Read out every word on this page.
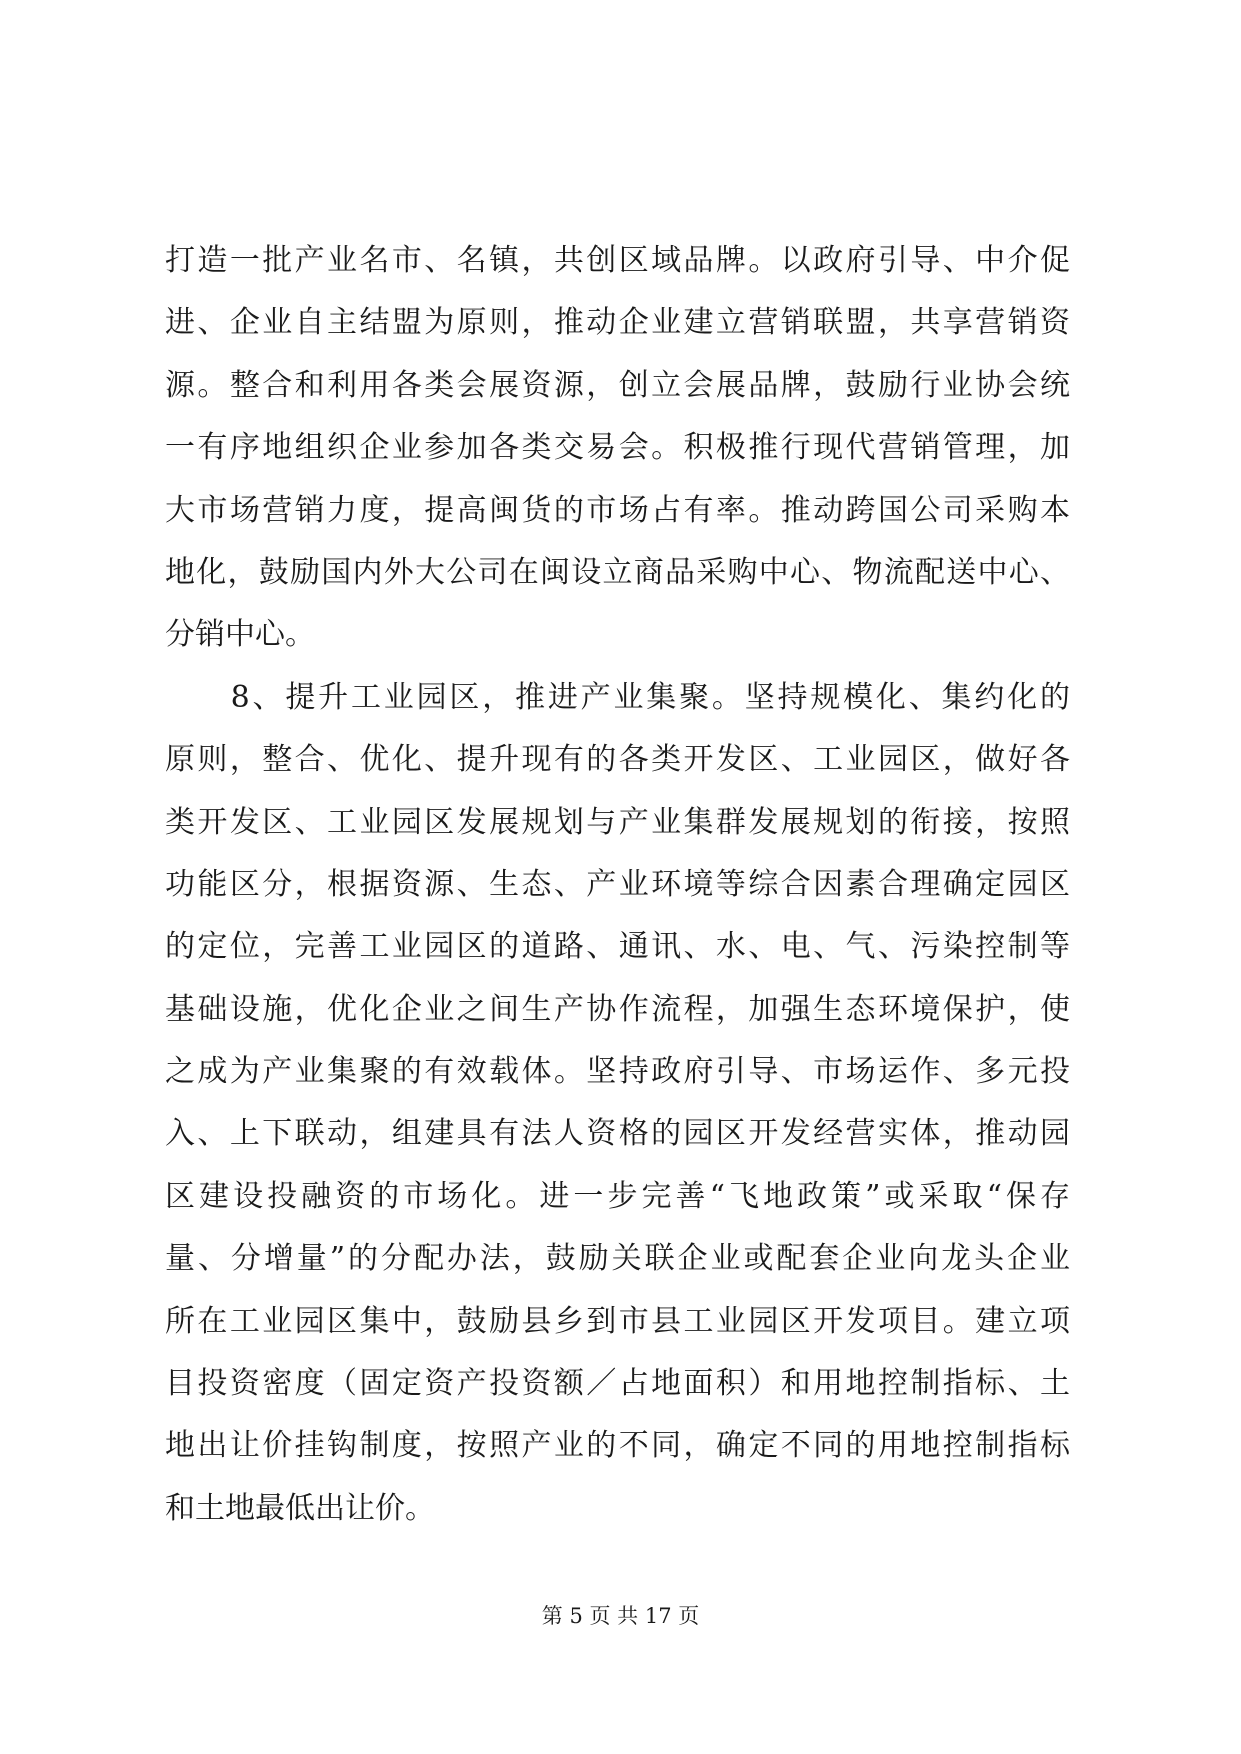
打造一批产业名市、名镇，共创区域品牌。以政府引导、中介促
进、企业自主结盟为原则，推动企业建立营销联盟，共享营销资
源。整合和利用各类会展资源，创立会展品牌，鼓励行业协会统
一有序地组织企业参加各类交易会。积极推行现代营销管理，加
大市场营销力度，提高闽货的市场占有率。推动跨国公司采购本
地化，鼓励国内外大公司在闽设立商品采购中心、物流配送中心、
分销中心。
　　8、提升工业园区，推进产业集聚。坚持规模化、集约化的
原则，整合、优化、提升现有的各类开发区、工业园区，做好各
类开发区、工业园区发展规划与产业集群发展规划的衔接，按照
功能区分，根据资源、生态、产业环境等综合因素合理确定园区
的定位，完善工业园区的道路、通讯、水、电、气、污染控制等
基础设施，优化企业之间生产协作流程，加强生态环境保护，使
之成为产业集聚的有效载体。坚持政府引导、市场运作、多元投
入、上下联动，组建具有法人资格的园区开发经营实体，推动园
区建设投融资的市场化。进一步完善“飞地政策”或采取“保存
量、分增量”的分配办法，鼓励关联企业或配套企业向龙头企业
所在工业园区集中，鼓励县乡到市县工业园区开发项目。建立项
目投资密度（固定资产投资额／占地面积）和用地控制指标、土
地出让价挂钩制度，按照产业的不同，确定不同的用地控制指标
和土地最低出让价。
第 5 页 共 17 页
